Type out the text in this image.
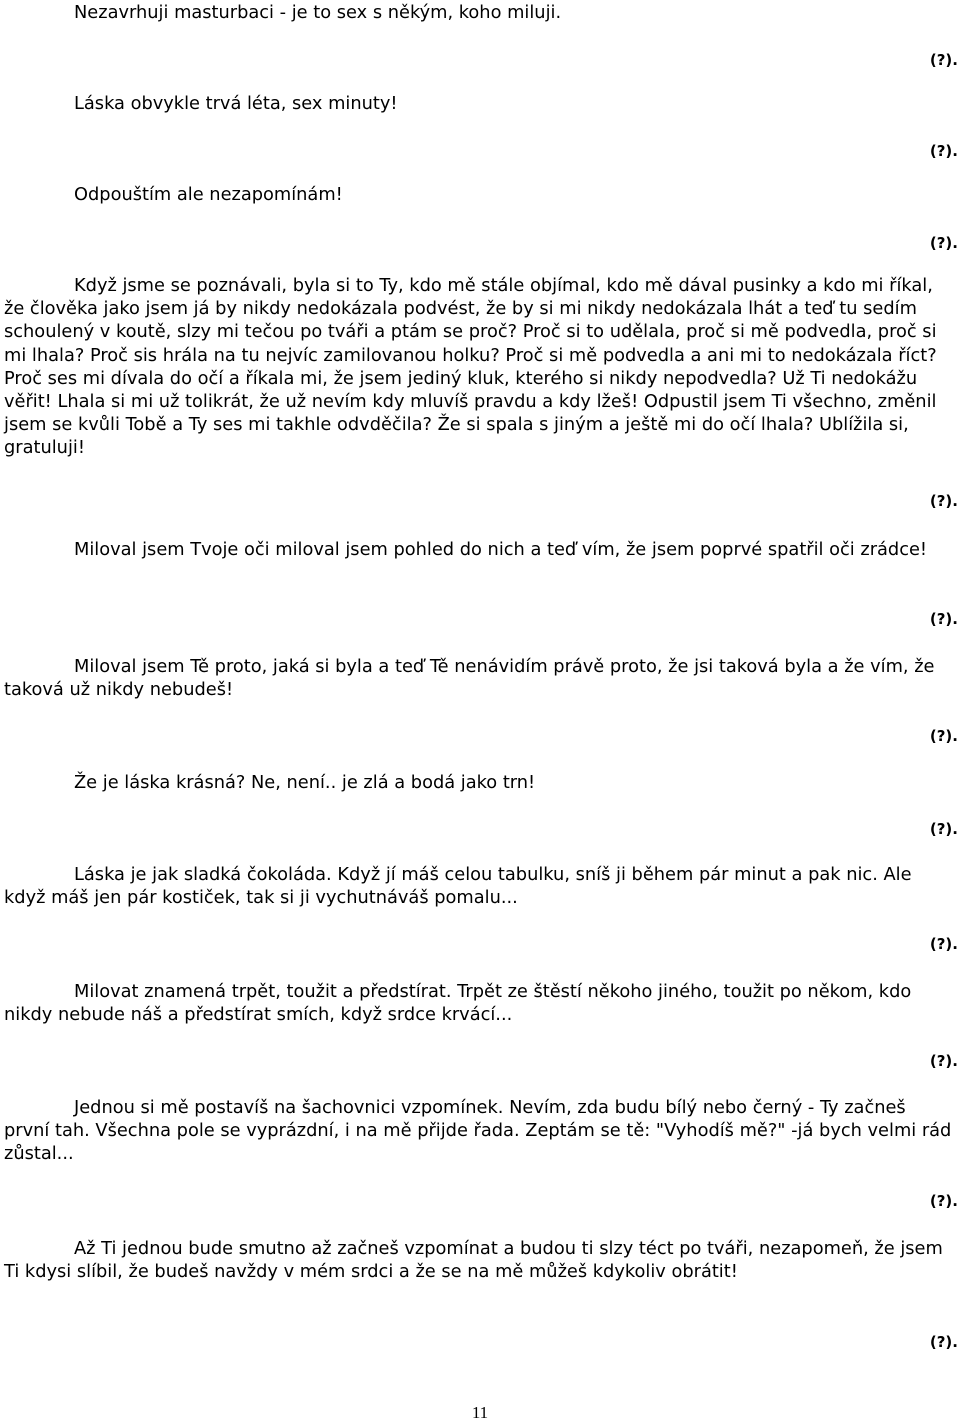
Nezavrhuji masturbaci - je to sex s někým, koho miluji.

(?).

Láska obvykle trvá léta, sex minuty!

(?).

Odpouštím ale nezapomínám!

(?).

Když jsme se poznávali, byla si to Ty, kdo mě stále objímal, kdo mě dával pusinky a kdo mi říkal, že člověka jako jsem já by nikdy nedokázala podvést, že by si mi nikdy nedokázala lhát a teď tu sedím schoulený v koutě, slzy mi tečou po tváři a ptám se proč? Proč si to udělala, proč si mě podvedla, proč si mi lhala? Proč sis hrála na tu nejvíc zamilovanou holku? Proč si mě podvedla a ani mi to nedokázala říct? Proč ses mi dívala do očí a říkala mi, že jsem jediný kluk, kterého si nikdy nepodvedla? Už Ti nedokážu věřit! Lhala si mi už tolikrát, že už nevím kdy mluvíš pravdu a kdy lžeš! Odpustil jsem Ti všechno, změnil jsem se kvůli Tobě a Ty ses mi takhle odvděčila? Že si spala s jiným a ještě mi do očí lhala? Ublížila si, gratuluji!

(?).

Miloval jsem Tvoje oči miloval jsem pohled do nich a teď vím, že jsem poprvé spatřil oči zrádce!

(?).

Miloval jsem Tě proto, jaká si byla a teď Tě nenávidím právě proto, že jsi taková byla a že vím, že taková už nikdy nebudeš!

(?).

Že je láska krásná? Ne, není.. je zlá a bodá jako trn!

(?).

Láska je jak sladká čokoláda. Když jí máš celou tabulku, sníš ji během pár minut a pak nic. Ale když máš jen pár kostiček, tak si ji vychutnáváš pomalu...

(?).

Milovat znamená trpět, toužit a předstírat. Trpět ze štěstí někoho jiného, toužit po někom, kdo nikdy nebude náš a předstírat smích, když srdce krvácí...

(?).

Jednou si mě postavíš na šachovnici vzpomínek. Nevím, zda budu bílý nebo černý - Ty začneš první tah. Všechna pole se vyprázdní, i na mě přijde řada. Zeptám se tě: "Vyhodíš mě?" -já bych velmi rád zůstal...

(?).

Až Ti jednou bude smutno až začneš vzpomínat a budou ti slzy téct po tváři, nezapomeň, že jsem Ti kdysi slíbil, že budeš navždy v mém srdci a že se na mě můžeš kdykoliv obrátit!

(?).

11
